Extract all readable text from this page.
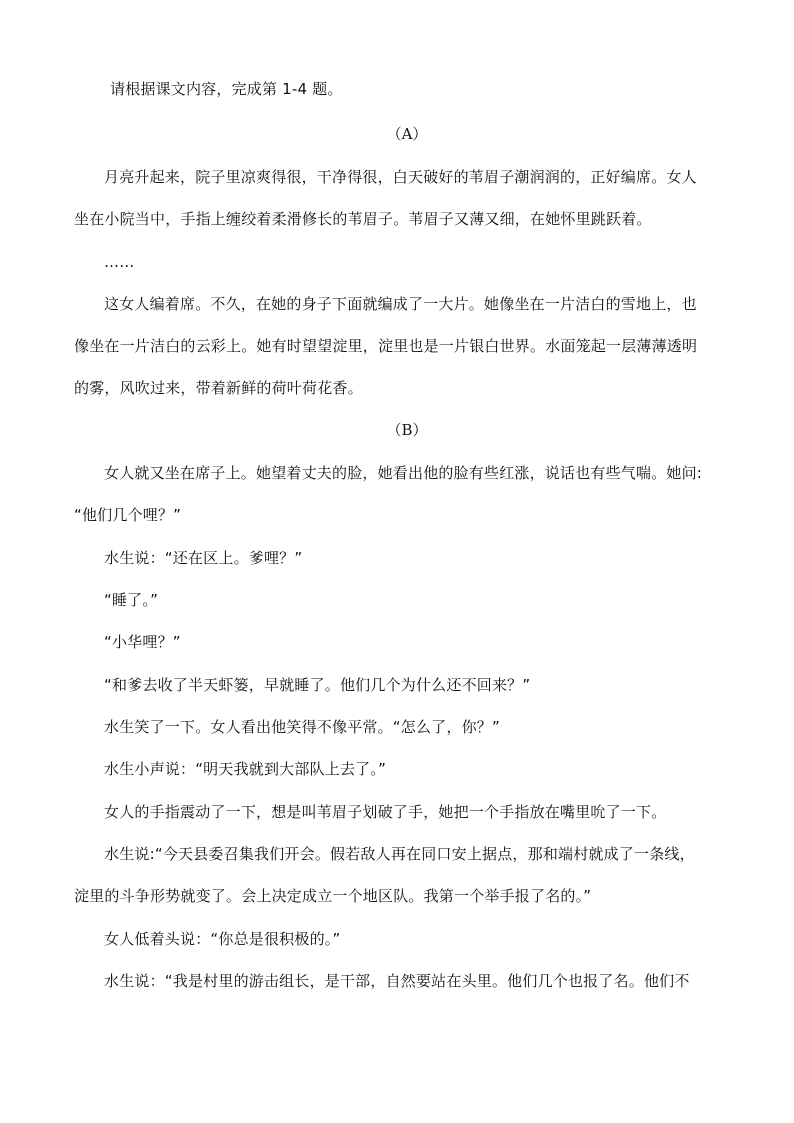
请根据课文内容，完成第 1-4 题。
（A）
月亮升起来，院子里凉爽得很，干净得很，白天破好的苇眉子潮润润的，正好编席。女人
坐在小院当中，手指上缠绞着柔滑修长的苇眉子。苇眉子又薄又细，在她怀里跳跃着。
……
这女人编着席。不久，在她的身子下面就编成了一大片。她像坐在一片洁白的雪地上，也
像坐在一片洁白的云彩上。她有时望望淀里，淀里也是一片银白世界。水面笼起一层薄薄透明
的雾，风吹过来，带着新鲜的荷叶荷花香。
（B）
女人就又坐在席子上。她望着丈夫的脸，她看出他的脸有些红涨，说话也有些气喘。她问:
“他们几个哩？”
水生说：“还在区上。爹哩？”
“睡了。”
“小华哩？”
“和爹去收了半天虾篓，早就睡了。他们几个为什么还不回来？”
水生笑了一下。女人看出他笑得不像平常。“怎么了，你？”
水生小声说：“明天我就到大部队上去了。”
女人的手指震动了一下，想是叫苇眉子划破了手，她把一个手指放在嘴里吮了一下。
水生说:“今天县委召集我们开会。假若敌人再在同口安上据点，那和端村就成了一条线，
淀里的斗争形势就变了。会上决定成立一个地区队。我第一个举手报了名的。”
女人低着头说：“你总是很积极的。”
水生说：“我是村里的游击组长，是干部，自然要站在头里。他们几个也报了名。他们不
